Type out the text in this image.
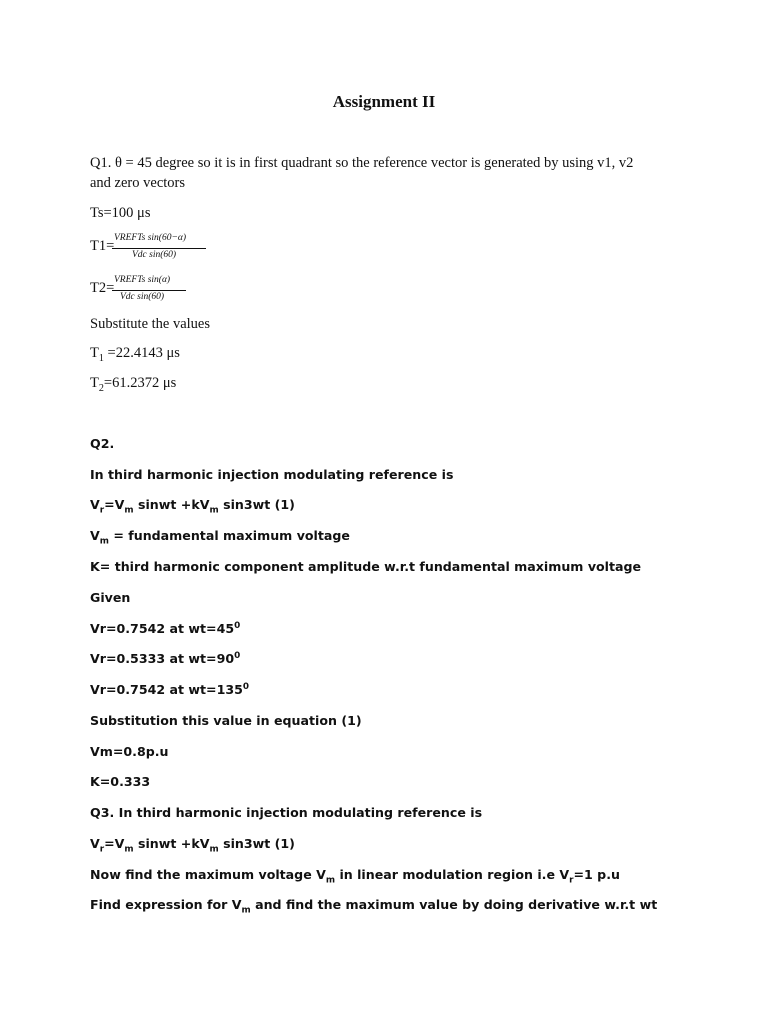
Assignment II
Q1. θ = 45 degree so it is in first quadrant so the reference vector is generated by using v1, v2
and zero vectors
Ts=100 μs
T1= VREFTs sin(60−α)
Vdc sin(60)
T2= VREFTs sin(α)
Vdc sin(60)
Substitute the values
$T_1 =22.4143$ μs
$T_2=61.2372$ μs
Q2.
In third harmonic injection modulating reference is
$V_r=V_m$ sinwt $+kV_m$ sin3wt (1)
$V_m$ = fundamental maximum voltage
K= third harmonic component amplitude w.r.t fundamental maximum voltage
Given
Vr=0.7542 at $wt=45^0$
Vr=0.5333 at $wt=90^0$
Vr=0.7542 at $wt=135^0$
Substitution this value in equation (1)
Vm=0.8p.u
K=0.333
Q3. In third harmonic injection modulating reference is
$V_r=V_m$ sinwt $+kV_m$ sin3wt (1)
Now find the maximum voltage $V_m$ in linear modulation region i.e $V_r=1$ p.u
Find expression for $V_m$ and find the maximum value by doing derivative w.r.t wt
